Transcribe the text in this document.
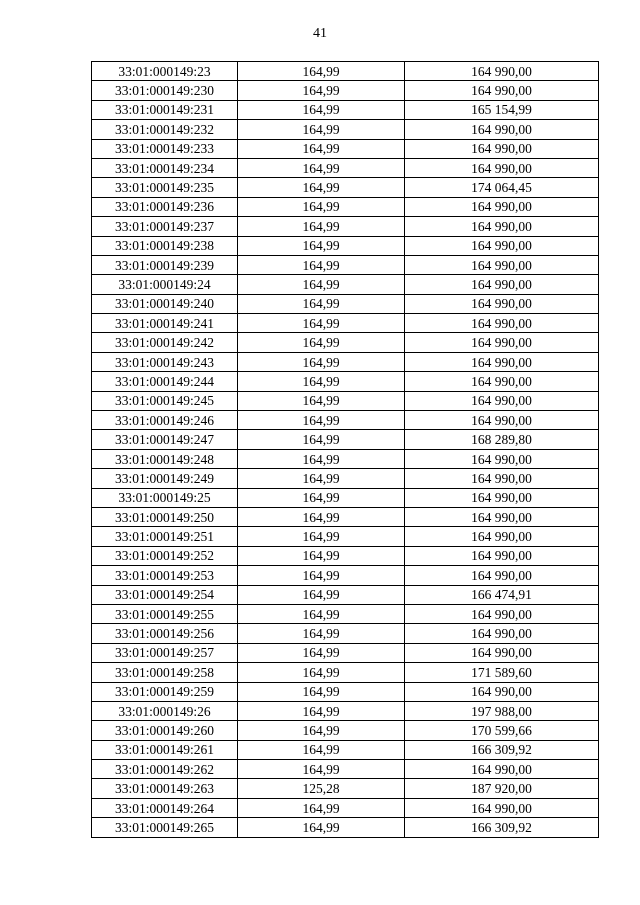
41
33:01:000149:23	164,99	164 990,00
33:01:000149:230	164,99	164 990,00
33:01:000149:231	164,99	165 154,99
33:01:000149:232	164,99	164 990,00
33:01:000149:233	164,99	164 990,00
33:01:000149:234	164,99	164 990,00
33:01:000149:235	164,99	174 064,45
33:01:000149:236	164,99	164 990,00
33:01:000149:237	164,99	164 990,00
33:01:000149:238	164,99	164 990,00
33:01:000149:239	164,99	164 990,00
33:01:000149:24	164,99	164 990,00
33:01:000149:240	164,99	164 990,00
33:01:000149:241	164,99	164 990,00
33:01:000149:242	164,99	164 990,00
33:01:000149:243	164,99	164 990,00
33:01:000149:244	164,99	164 990,00
33:01:000149:245	164,99	164 990,00
33:01:000149:246	164,99	164 990,00
33:01:000149:247	164,99	168 289,80
33:01:000149:248	164,99	164 990,00
33:01:000149:249	164,99	164 990,00
33:01:000149:25	164,99	164 990,00
33:01:000149:250	164,99	164 990,00
33:01:000149:251	164,99	164 990,00
33:01:000149:252	164,99	164 990,00
33:01:000149:253	164,99	164 990,00
33:01:000149:254	164,99	166 474,91
33:01:000149:255	164,99	164 990,00
33:01:000149:256	164,99	164 990,00
33:01:000149:257	164,99	164 990,00
33:01:000149:258	164,99	171 589,60
33:01:000149:259	164,99	164 990,00
33:01:000149:26	164,99	197 988,00
33:01:000149:260	164,99	170 599,66
33:01:000149:261	164,99	166 309,92
33:01:000149:262	164,99	164 990,00
33:01:000149:263	125,28	187 920,00
33:01:000149:264	164,99	164 990,00
33:01:000149:265	164,99	166 309,92
